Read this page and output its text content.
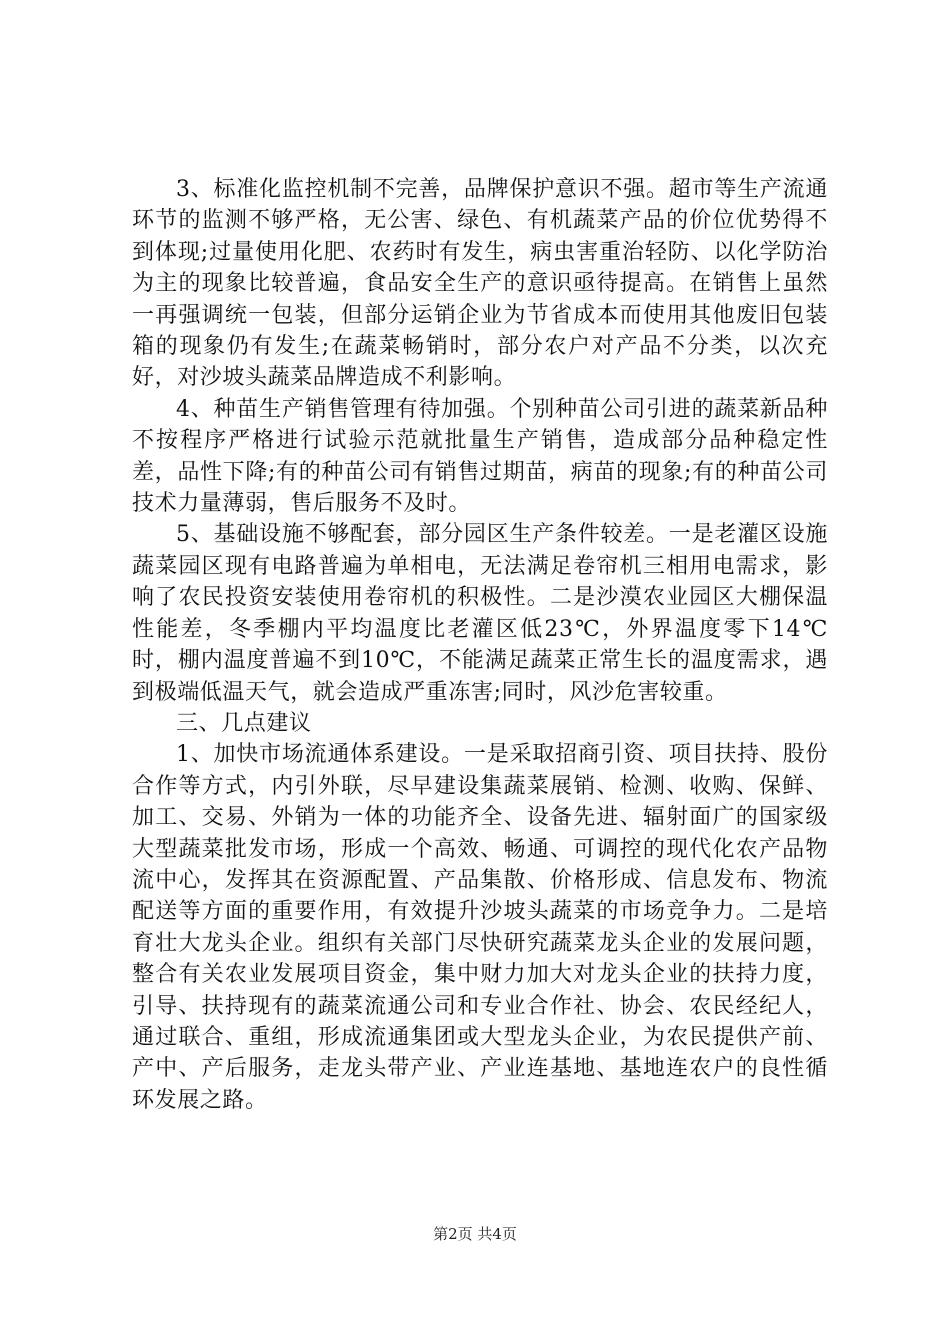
3、标准化监控机制不完善，品牌保护意识不强。超市等生产流通环节的监测不够严格，无公害、绿色、有机蔬菜产品的价位优势得不到体现;过量使用化肥、农药时有发生，病虫害重治轻防、以化学防治为主的现象比较普遍，食品安全生产的意识亟待提高。在销售上虽然一再强调统一包装，但部分运销企业为节省成本而使用其他废旧包装箱的现象仍有发生;在蔬菜畅销时，部分农户对产品不分类，以次充好，对沙坡头蔬菜品牌造成不利影响。

4、种苗生产销售管理有待加强。个别种苗公司引进的蔬菜新品种不按程序严格进行试验示范就批量生产销售，造成部分品种稳定性差，品性下降;有的种苗公司有销售过期苗，病苗的现象;有的种苗公司技术力量薄弱，售后服务不及时。

5、基础设施不够配套，部分园区生产条件较差。一是老灌区设施蔬菜园区现有电路普遍为单相电，无法满足卷帘机三相用电需求，影响了农民投资安装使用卷帘机的积极性。二是沙漠农业园区大棚保温性能差，冬季棚内平均温度比老灌区低23℃，外界温度零下14℃时，棚内温度普遍不到10℃，不能满足蔬菜正常生长的温度需求，遇到极端低温天气，就会造成严重冻害;同时，风沙危害较重。

三、几点建议

1、加快市场流通体系建设。一是采取招商引资、项目扶持、股份合作等方式，内引外联，尽早建设集蔬菜展销、检测、收购、保鲜、加工、交易、外销为一体的功能齐全、设备先进、辐射面广的国家级大型蔬菜批发市场，形成一个高效、畅通、可调控的现代化农产品物流中心，发挥其在资源配置、产品集散、价格形成、信息发布、物流配送等方面的重要作用，有效提升沙坡头蔬菜的市场竞争力。二是培育壮大龙头企业。组织有关部门尽快研究蔬菜龙头企业的发展问题，整合有关农业发展项目资金，集中财力加大对龙头企业的扶持力度，引导、扶持现有的蔬菜流通公司和专业合作社、协会、农民经纪人，通过联合、重组，形成流通集团或大型龙头企业，为农民提供产前、产中、产后服务，走龙头带产业、产业连基地、基地连农户的良性循环发展之路。

第2页 共4页
